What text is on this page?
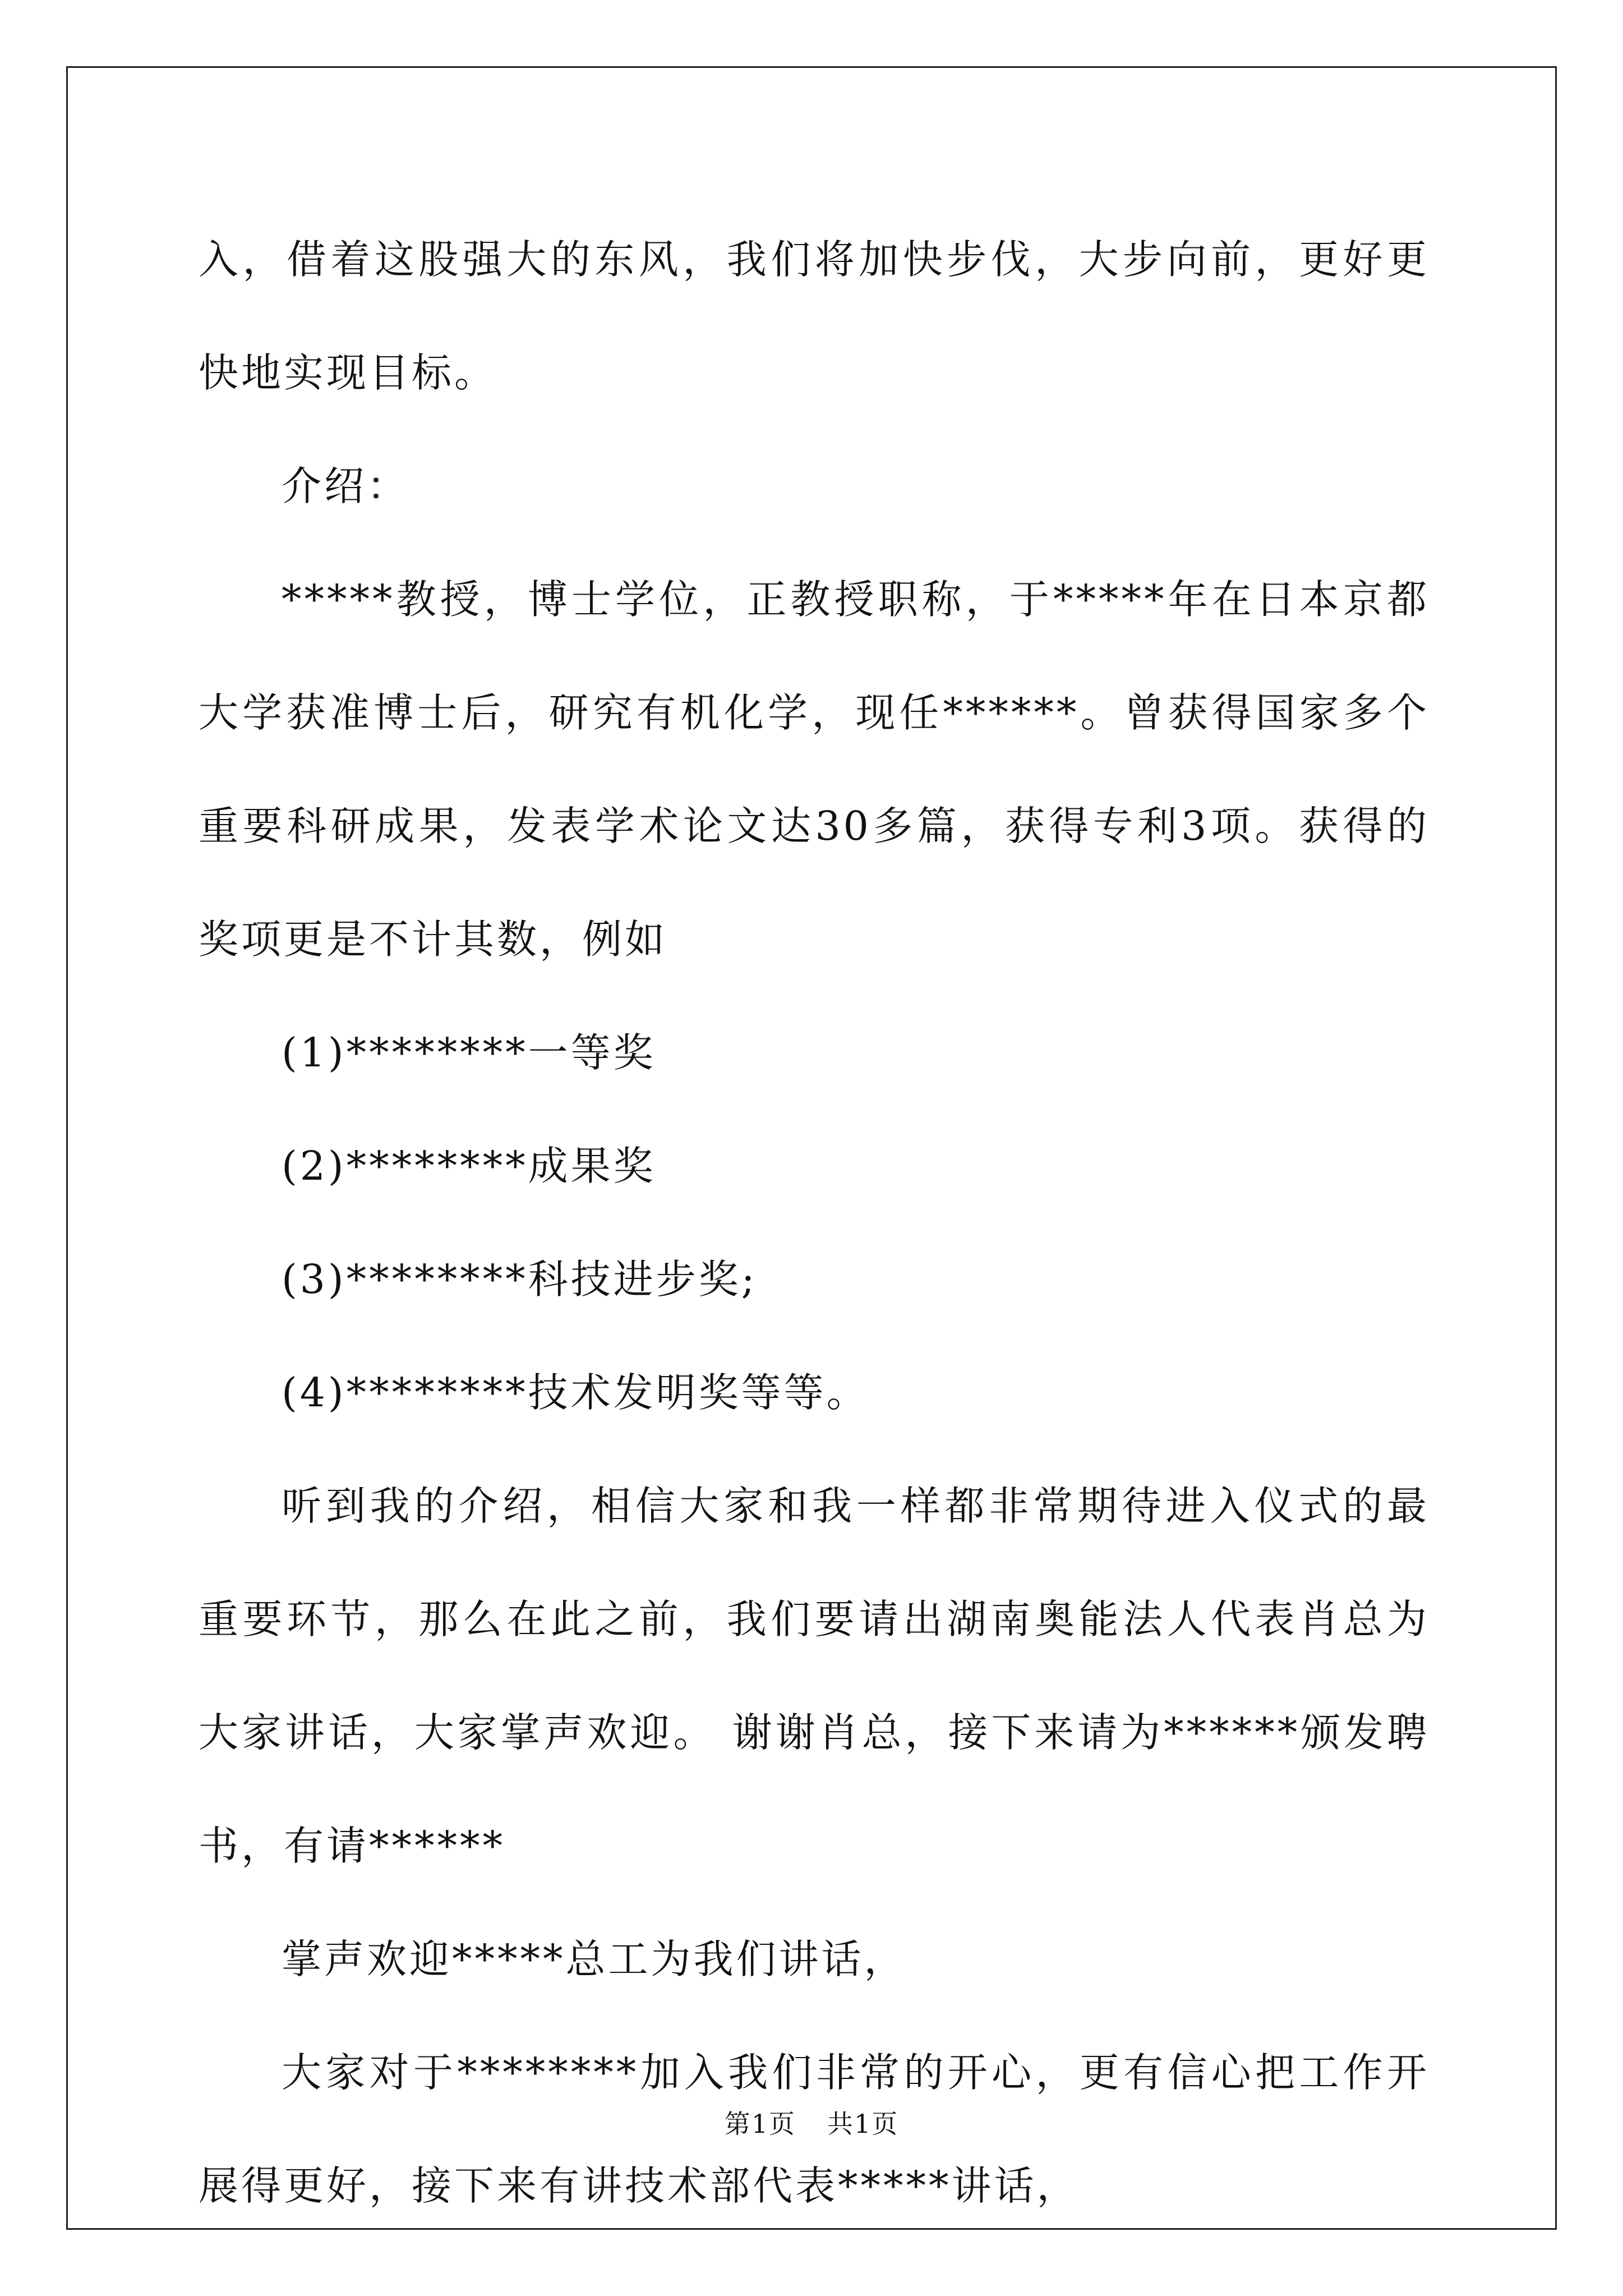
入，借着这股强大的东风，我们将加快步伐，大步向前，更好更快地实现目标。

介绍：

*****教授，博士学位，正教授职称，于*****年在日本京都大学获准博士后，研究有机化学，现任******。曾获得国家多个重要科研成果，发表学术论文达30多篇，获得专利3项。获得的奖项更是不计其数，例如

(1)********一等奖

(2)********成果奖

(3)********科技进步奖;

(4)********技术发明奖等等。

听到我的介绍，相信大家和我一样都非常期待进入仪式的最重要环节，那么在此之前，我们要请出湖南奥能法人代表肖总为大家讲话，大家掌声欢迎。 谢谢肖总，接下来请为******颁发聘书，有请******

掌声欢迎*****总工为我们讲话，

大家对于********加入我们非常的开心，更有信心把工作开展得更好，接下来有讲技术部代表*****讲话，

第1页 共1页
